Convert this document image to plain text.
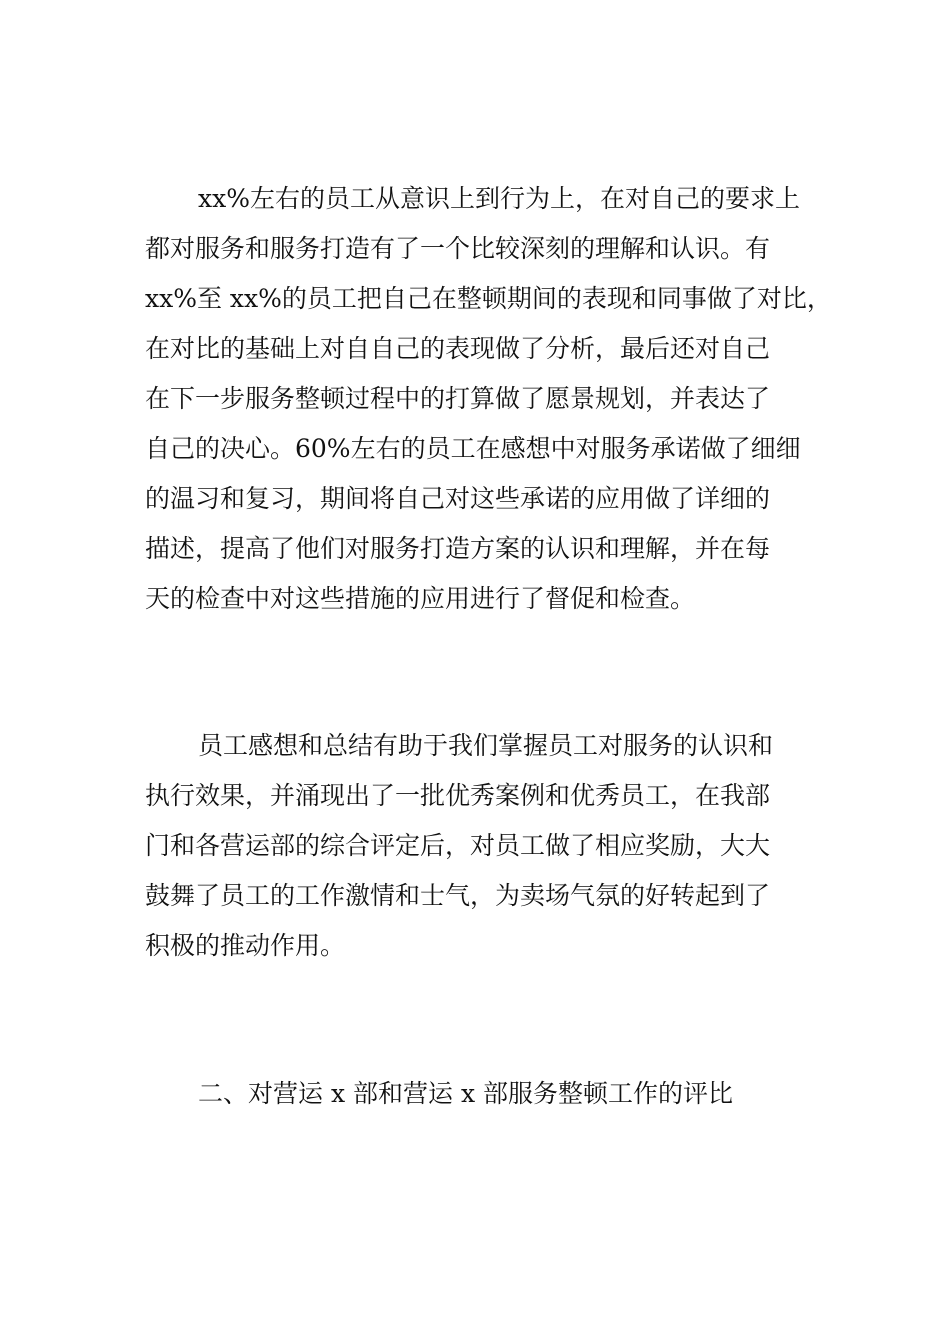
xx%左右的员工从意识上到行为上，在对自己的要求上

都对服务和服务打造有了一个比较深刻的理解和认识。有

xx%至 xx%的员工把自己在整顿期间的表现和同事做了对比，

在对比的基础上对自自己的表现做了分析，最后还对自己

在下一步服务整顿过程中的打算做了愿景规划，并表达了

自己的决心。60%左右的员工在感想中对服务承诺做了细细

的温习和复习，期间将自己对这些承诺的应用做了详细的

描述，提高了他们对服务打造方案的认识和理解，并在每

天的检查中对这些措施的应用进行了督促和检查。

员工感想和总结有助于我们掌握员工对服务的认识和

执行效果，并涌现出了一批优秀案例和优秀员工，在我部

门和各营运部的综合评定后，对员工做了相应奖励，大大

鼓舞了员工的工作激情和士气，为卖场气氛的好转起到了

积极的推动作用。

二、对营运 x 部和营运 x 部服务整顿工作的评比
